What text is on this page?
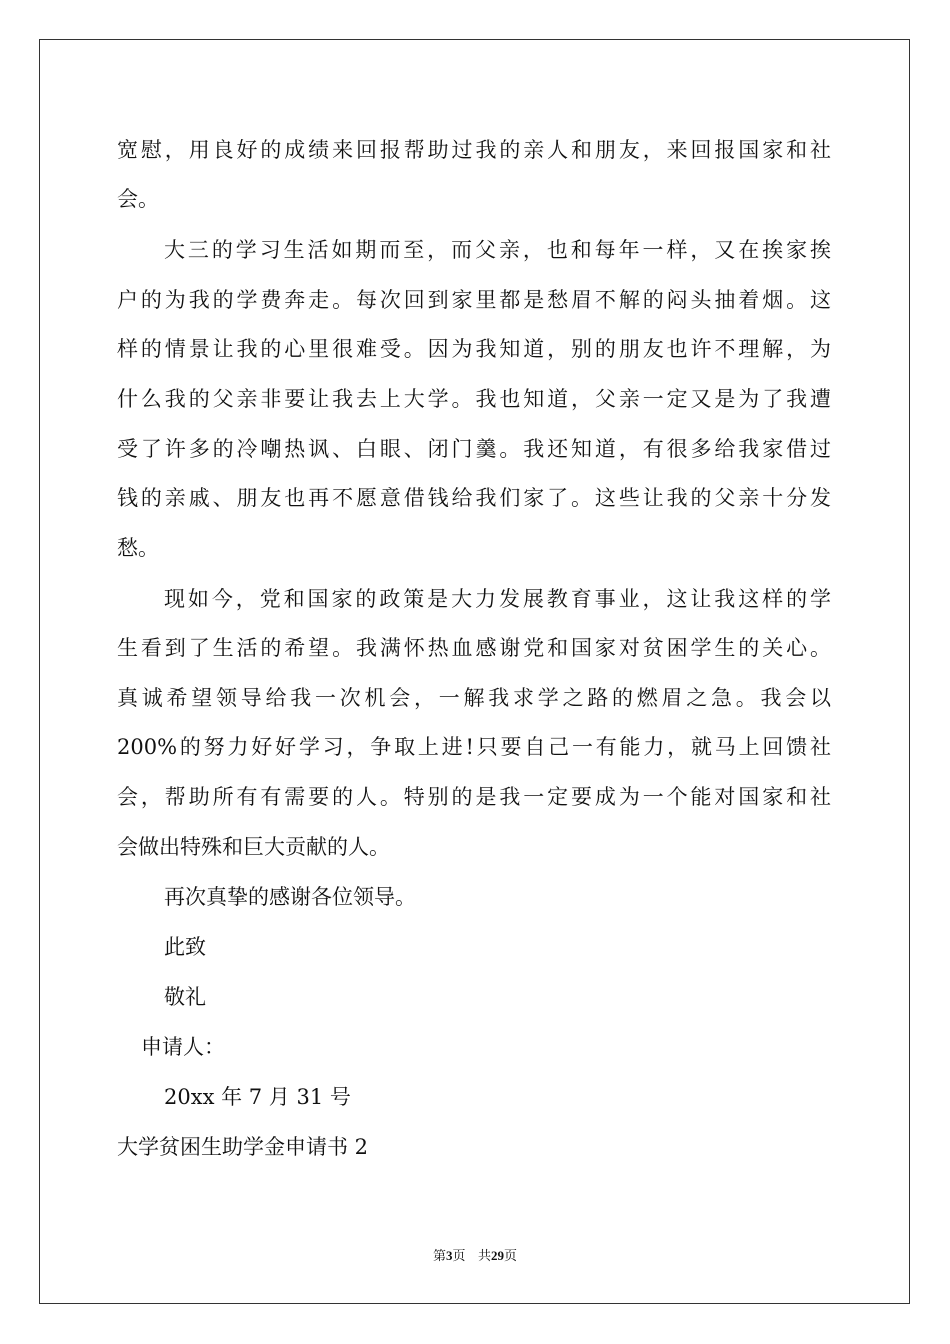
宽慰，用良好的成绩来回报帮助过我的亲人和朋友，来回报国家和社

会。

大三的学习生活如期而至，而父亲，也和每年一样，又在挨家挨

户的为我的学费奔走。每次回到家里都是愁眉不解的闷头抽着烟。这

样的情景让我的心里很难受。因为我知道，别的朋友也许不理解，为

什么我的父亲非要让我去上大学。我也知道，父亲一定又是为了我遭

受了许多的冷嘲热讽、白眼、闭门羹。我还知道，有很多给我家借过

钱的亲戚、朋友也再不愿意借钱给我们家了。这些让我的父亲十分发

愁。

现如今，党和国家的政策是大力发展教育事业，这让我这样的学

生看到了生活的希望。我满怀热血感谢党和国家对贫困学生的关心。

真诚希望领导给我一次机会，一解我求学之路的燃眉之急。我会以

200%的努力好好学习，争取上进!只要自己一有能力，就马上回馈社

会，帮助所有有需要的人。特别的是我一定要成为一个能对国家和社

会做出特殊和巨大贡献的人。

再次真挚的感谢各位领导。

此致

敬礼

申请人：

20xx 年 7 月 31 号

大学贫困生助学金申请书 2

第3页 共29页
